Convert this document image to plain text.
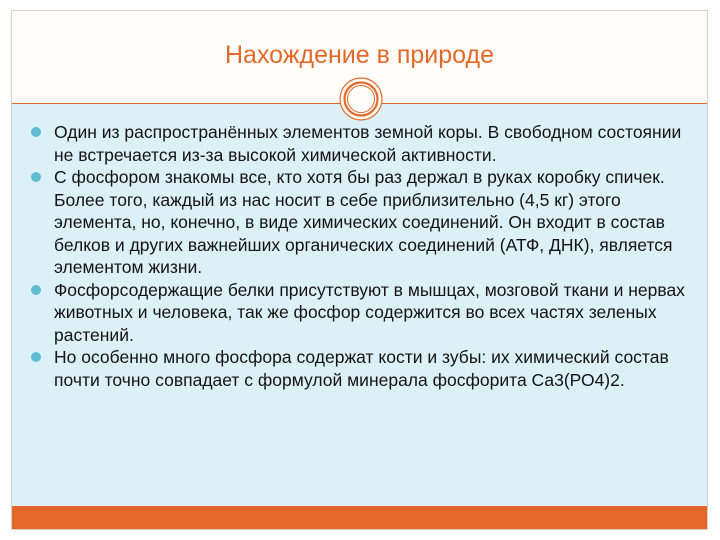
Нахождение в природе
Один из распространённых элементов земной коры. В свободном состоянии не встречается из-за высокой химической активности.
С фосфором знакомы все, кто хотя бы раз держал в руках коробку спичек. Более того, каждый из нас носит в себе приблизительно (4,5 кг) этого элемента, но, конечно, в виде химических соединений. Он входит в состав белков и других важнейших органических соединений (АТФ, ДНК), является элементом жизни.
Фосфорсодержащие белки присутствуют в мышцах, мозговой ткани и нервах животных и человека, так же фосфор содержится во всех частях зеленых растений.
Но особенно много фосфора содержат кости и зубы: их химический состав почти точно совпадает с формулой минерала фосфорита Са3(РО4)2.
